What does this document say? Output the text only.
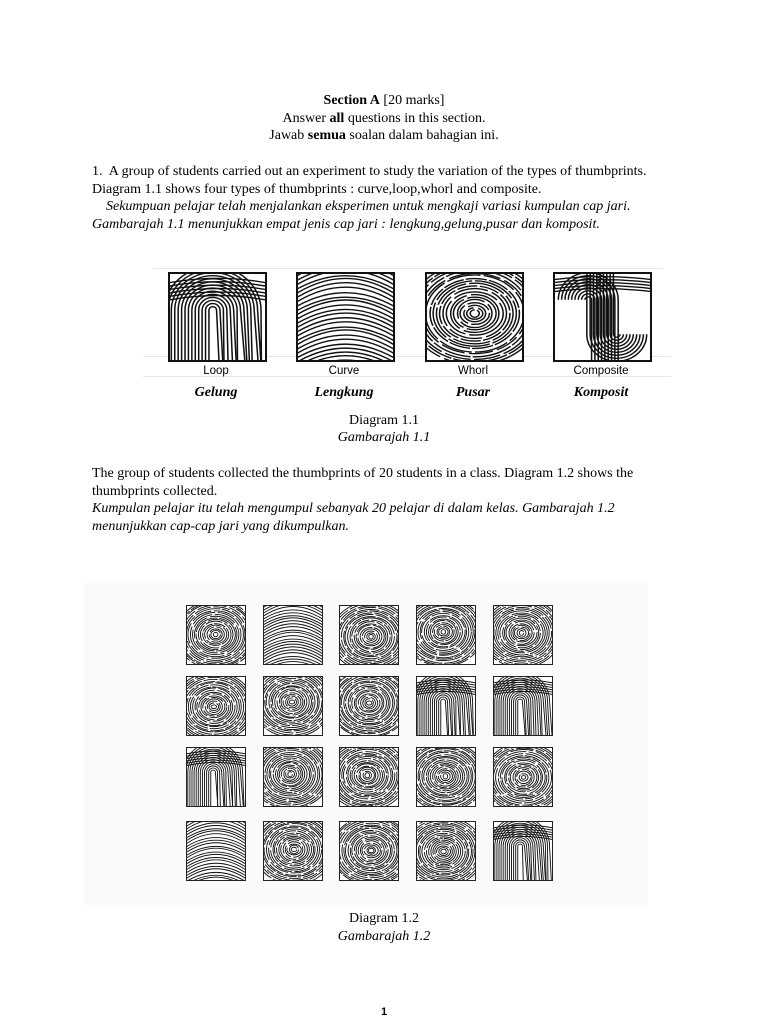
Section A [20 marks]
Answer all questions in this section.
Jawab semua soalan dalam bahagian ini.
1. A group of students carried out an experiment to study the variation of the types of thumbprints. Diagram 1.1 shows four types of thumbprints : curve,loop,whorl and composite.
Sekumpuan pelajar telah menjalankan eksperimen untuk mengkaji variasi kumpulan cap jari. Gambarajah 1.1 menunjukkan empat jenis cap jari : lengkung,gelung,pusar dan komposit.
Loop
Gelung
Curve
Lengkung
Whorl
Pusar
Composite
Komposit
Diagram 1.1
Gambarajah 1.1
The group of students collected the thumbprints of 20 students in a class. Diagram 1.2 shows the thumbprints collected.
Kumpulan pelajar itu telah mengumpul sebanyak 20 pelajar di dalam kelas. Gambarajah 1.2 menunjukkan cap-cap jari yang dikumpulkan.
Diagram 1.2
Gambarajah 1.2
1
